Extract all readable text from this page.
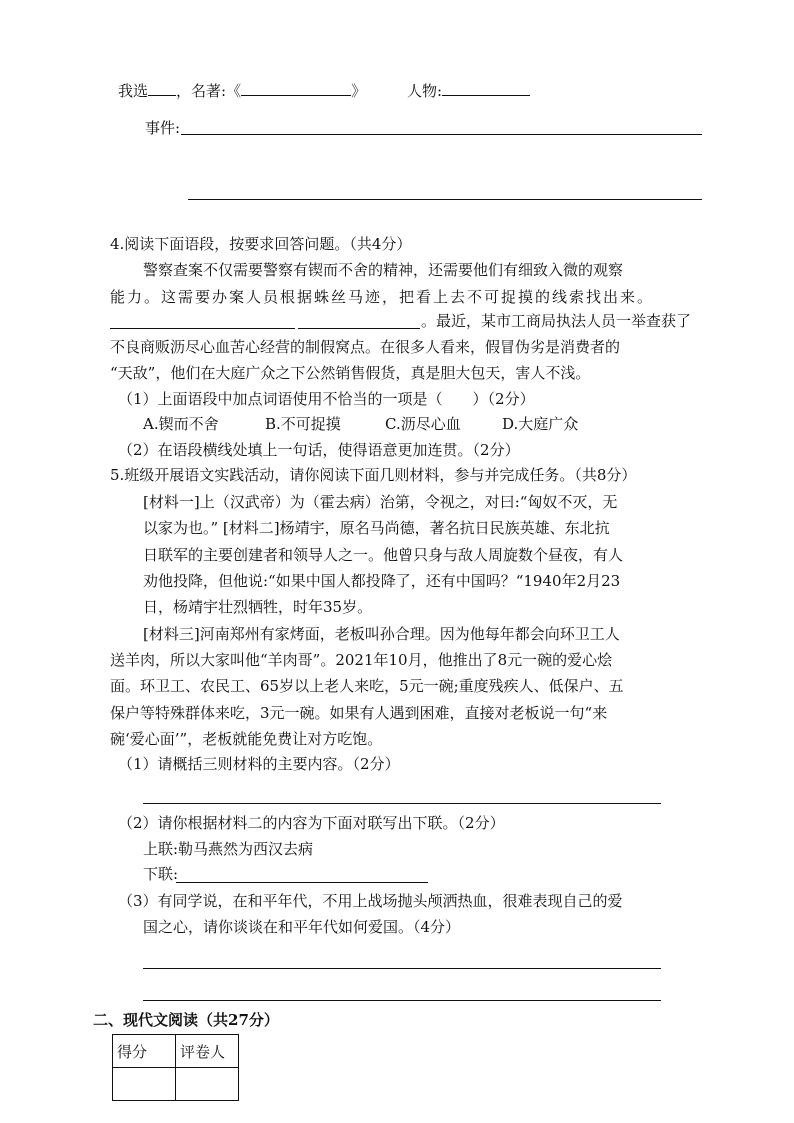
我选 ，名著:《	》	人物:
事件:
4.阅读下面语段，按要求回答问题。（共4分）
警察查案不仅需要警察有锲而不舍的精神，还需要他们有细致入微的观察
能力。这需要办案人员根据蛛丝马迹，把看上去不可捉摸的线索找出来。
。最近，某市工商局执法人员一举查获了
不良商贩沥尽心血苦心经营的制假窝点。在很多人看来，假冒伪劣是消费者的
“天敌”，他们在大庭广众之下公然销售假货，真是胆大包天，害人不浅。
（1）上面语段中加点词语使用不恰当的一项是（　　）（2分）
A.锲而不舍	B.不可捉摸	C.沥尽心血	D.大庭广众
（2）在语段横线处填上一句话，使得语意更加连贯。（2分）
5.班级开展语文实践活动，请你阅读下面几则材料，参与并完成任务。（共8分）
[材料一]上（汉武帝）为（霍去病）治第，令视之，对曰:“匈奴不灭，无
以家为也。” [材料二]杨靖宇，原名马尚德，著名抗日民族英雄、东北抗
日联军的主要创建者和领导人之一。他曾只身与敌人周旋数个昼夜，有人
劝他投降，但他说:“如果中国人都投降了，还有中国吗？“1940年2月23
日，杨靖宇壮烈牺牲，时年35岁。
[材料三]河南郑州有家烤面，老板叫孙合理。因为他每年都会向环卫工人
送羊肉，所以大家叫他“羊肉哥”。2021年10月，他推出了8元一碗的爱心烩
面。环卫工、农民工、65岁以上老人来吃，5元一碗;重度残疾人、低保户、五
保户等特殊群体来吃，3元一碗。如果有人遇到困难，直接对老板说一句“来
碗‘爱心面’”，老板就能免费让对方吃饱。
（1）请概括三则材料的主要内容。（2分）
（2）请你根据材料二的内容为下面对联写出下联。（2分）
上联:勒马燕然为西汉去病
下联:
（3）有同学说，在和平年代，不用上战场抛头颅洒热血，很难表现自己的爱
国之心，请你谈谈在和平年代如何爱国。（4分）
二、现代文阅读（共27分）
得分	评卷人
